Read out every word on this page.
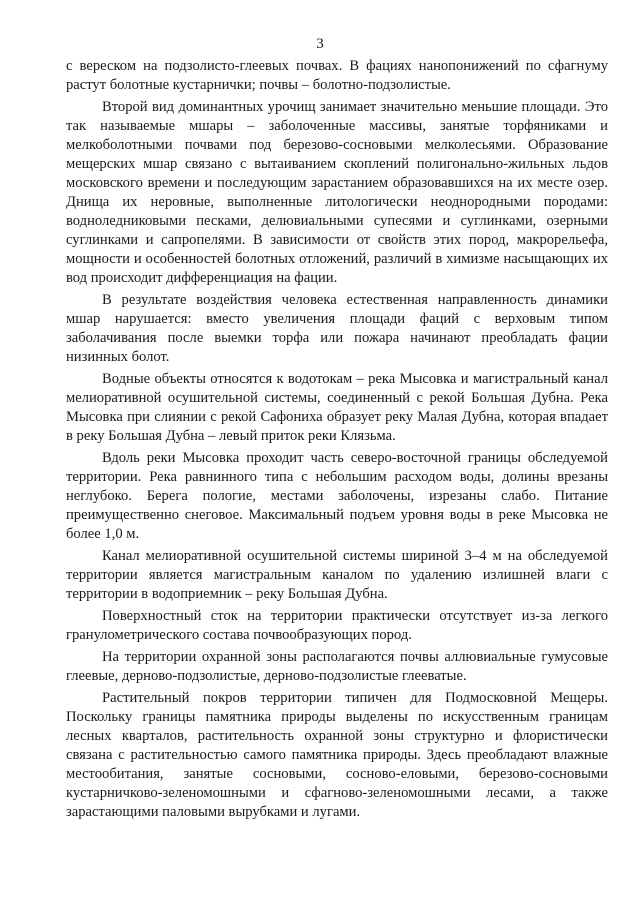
3

с вереском на подзолисто-глеевых почвах. В фациях нанопонижений по сфагнуму растут болотные кустарнички; почвы – болотно-подзолистые.

Второй вид доминантных урочищ занимает значительно меньшие площади. Это так называемые мшары – заболоченные массивы, занятые торфяниками и мелкоболотными почвами под березово-сосновыми мелколесьями. Образование мещерских мшар связано с вытаиванием скоплений полигонально-жильных льдов московского времени и последующим зарастанием образовавшихся на их месте озер. Днища их неровные, выполненные литологически неоднородными породами: водноледниковыми песками, делювиальными супесями и суглинками, озерными суглинками и сапропелями. В зависимости от свойств этих пород, макрорельефа, мощности и особенностей болотных отложений, различий в химизме насыщающих их вод происходит дифференциация на фации.

В результате воздействия человека естественная направленность динамики мшар нарушается: вместо увеличения площади фаций с верховым типом заболачивания после выемки торфа или пожара начинают преобладать фации низинных болот.

Водные объекты относятся к водотокам – река Мысовка и магистральный канал мелиоративной осушительной системы, соединенный с рекой Большая Дубна. Река Мысовка при слиянии с рекой Сафониха образует реку Малая Дубна, которая впадает в реку Большая Дубна – левый приток реки Клязьма.

Вдоль реки Мысовка проходит часть северо-восточной границы обследуемой территории. Река равнинного типа с небольшим расходом воды, долины врезаны неглубоко. Берега пологие, местами заболочены, изрезаны слабо. Питание преимущественно снеговое. Максимальный подъем уровня воды в реке Мысовка не более 1,0 м.

Канал мелиоративной осушительной системы шириной 3–4 м на обследуемой территории является магистральным каналом по удалению излишней влаги с территории в водоприемник – реку Большая Дубна.

Поверхностный сток на территории практически отсутствует из-за легкого гранулометрического состава почвообразующих пород.

На территории охранной зоны располагаются почвы аллювиальные гумусовые глеевые, дерново-подзолистые, дерново-подзолистые глееватые.

Растительный покров территории типичен для Подмосковной Мещеры. Поскольку границы памятника природы выделены по искусственным границам лесных кварталов, растительность охранной зоны структурно и флористически связана с растительностью самого памятника природы. Здесь преобладают влажные местообитания, занятые сосновыми, сосново-еловыми, березово-сосновыми кустарничково-зеленомошными и сфагново-зеленомошными лесами, а также зарастающими паловыми вырубками и лугами.
